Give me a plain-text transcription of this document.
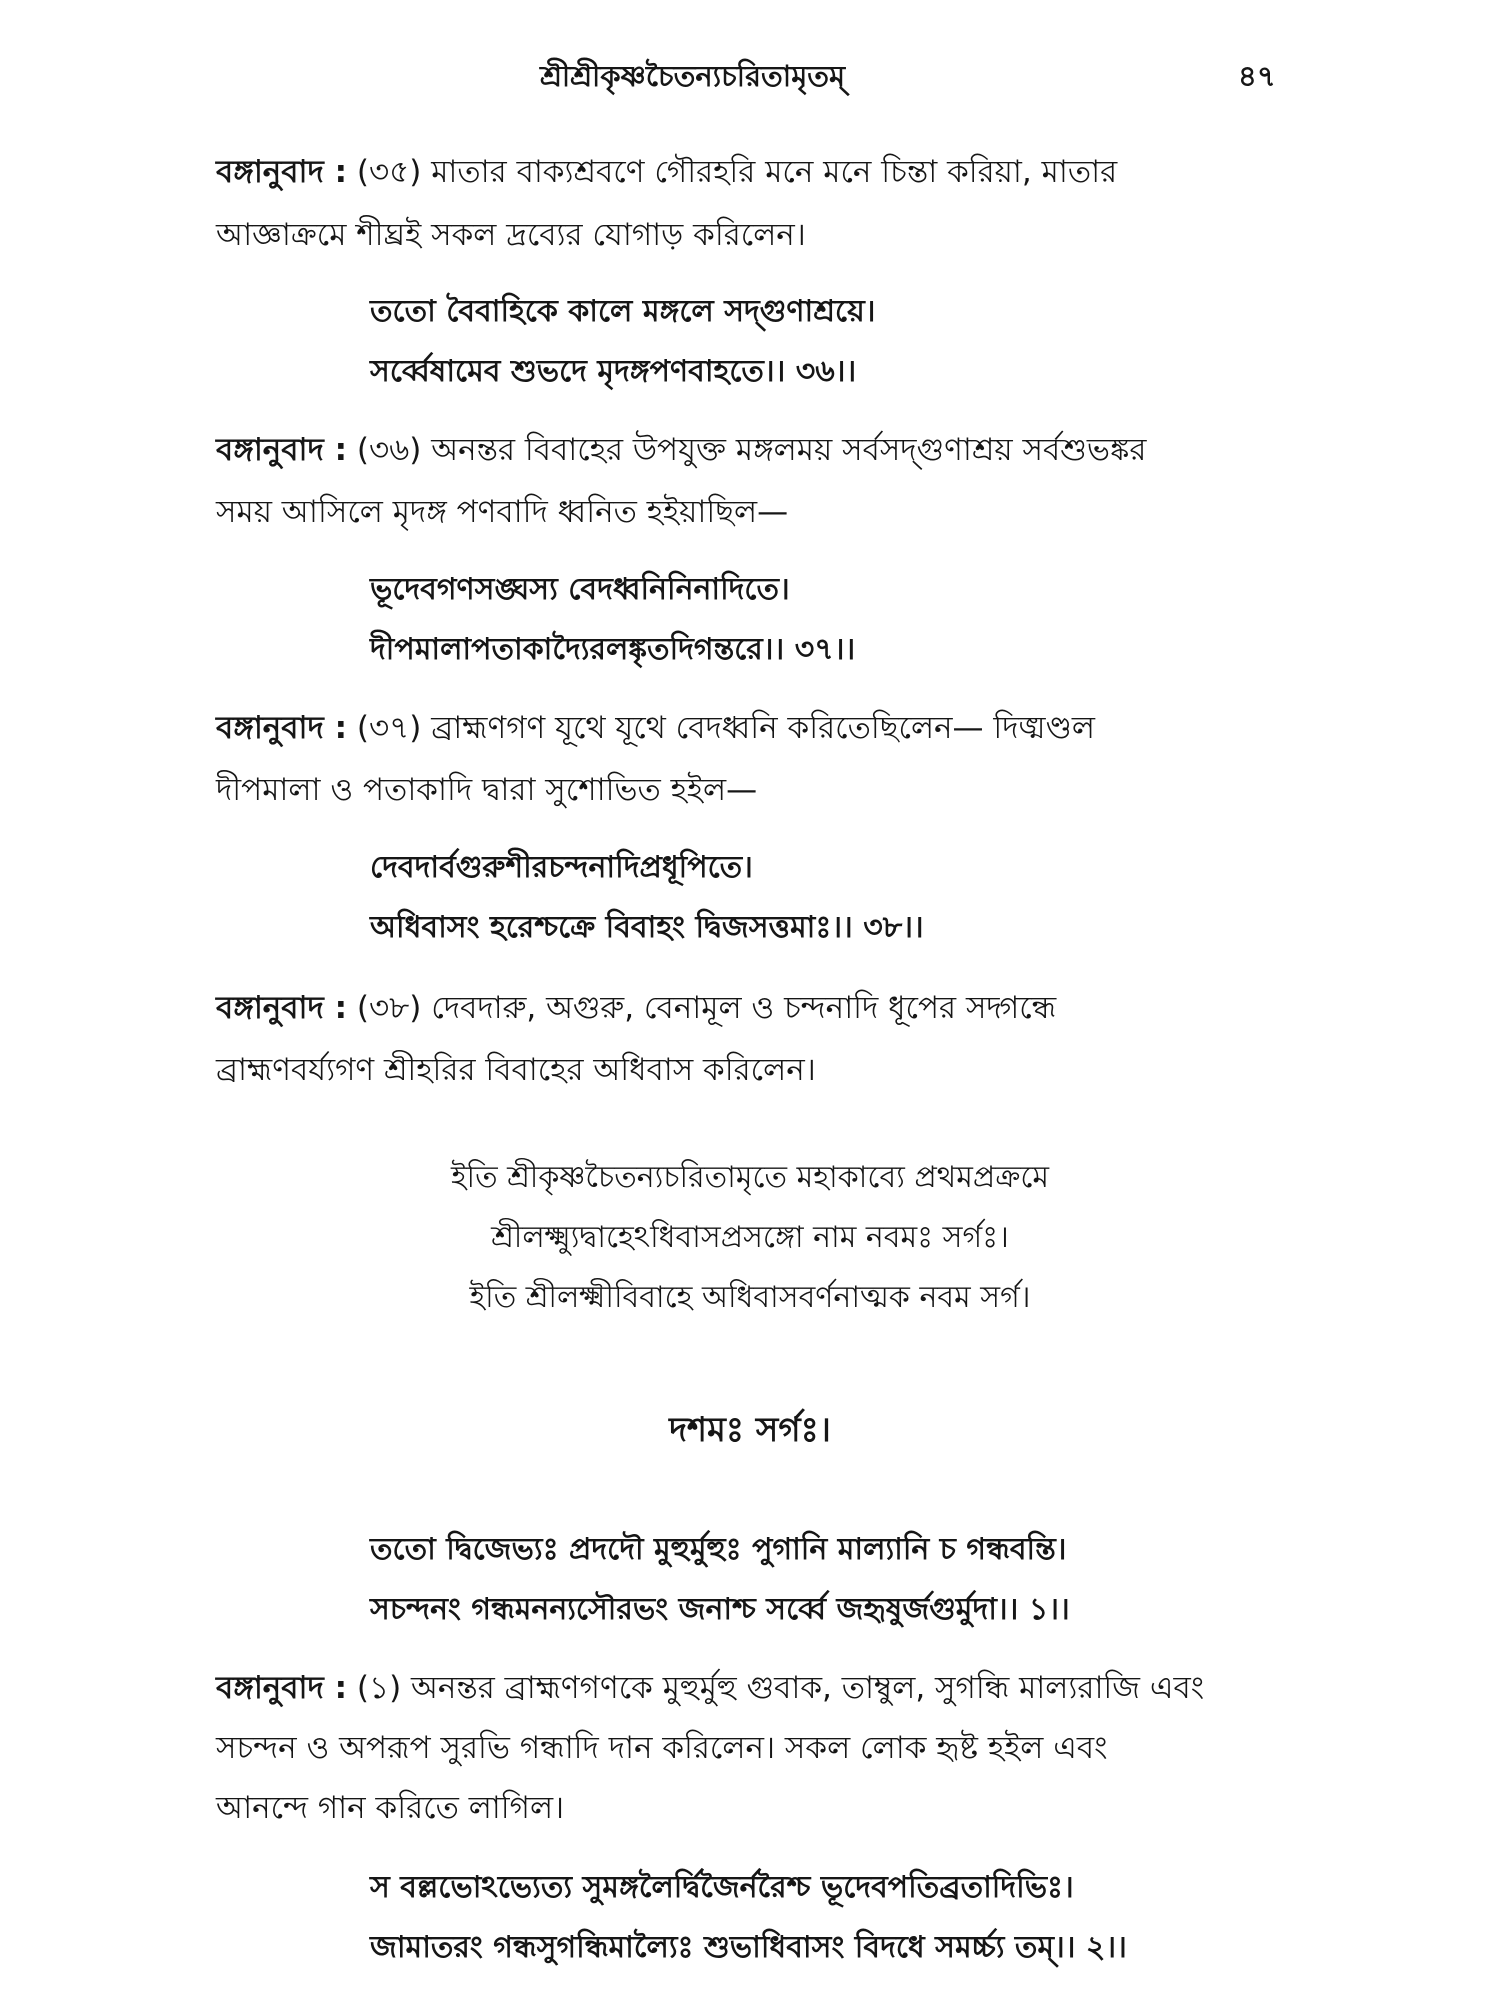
শ্রীশ্রীকৃষ্ণচৈতন্যচরিতামৃতম্	৪৭
বঙ্গানুবাদ : (৩৫) মাতার বাক্যশ্রবণে গৌরহরি মনে মনে চিন্তা করিয়া, মাতার
আজ্ঞাক্রমে শীঘ্রই সকল দ্রব্যের যোগাড় করিলেন।
ততো বৈবাহিকে কালে মঙ্গলে সদ্গুণাশ্রয়ে।
সর্ব্বেষামেব শুভদে মৃদঙ্গপণবাহতে।। ৩৬।।
বঙ্গানুবাদ : (৩৬) অনন্তর বিবাহের উপযুক্ত মঙ্গলময় সর্বসদ্গুণাশ্রয় সর্বশুভঙ্কর
সময় আসিলে মৃদঙ্গ পণবাদি ধ্বনিত হইয়াছিল—
ভূদেবগণসঙ্ঘস্য বেদধ্বনিনিনাদিতে।
দীপমালাপতাকাদ্যৈরলঙ্কৃতদিগন্তরে।। ৩৭।।
বঙ্গানুবাদ : (৩৭) ব্রাহ্মণগণ যূথে যূথে বেদধ্বনি করিতেছিলেন— দিঙ্মণ্ডল
দীপমালা ও পতাকাদি দ্বারা সুশোভিত হইল—
দেবদার্বগুরুশীরচন্দনাদিপ্রধূপিতে।
অধিবাসং হরেশ্চক্রে বিবাহং দ্বিজসত্তমাঃ।। ৩৮।।
বঙ্গানুবাদ : (৩৮) দেবদারু, অগুরু, বেনামূল ও চন্দনাদি ধূপের সদ্গন্ধে
ব্রাহ্মণবর্য্যগণ শ্রীহরির বিবাহের অধিবাস করিলেন।
ইতি শ্রীকৃষ্ণচৈতন্যচরিতামৃতে মহাকাব্যে প্রথমপ্রক্রমে
শ্রীলক্ষ্ম্যুদ্বাহেঽধিবাসপ্রসঙ্গো নাম নবমঃ সর্গঃ।
ইতি শ্রীলক্ষ্মীবিবাহে অধিবাসবর্ণনাত্মক নবম সর্গ।
দশমঃ সর্গঃ।
ততো দ্বিজেভ্যঃ প্রদদৌ মুহুর্মুহুঃ পুগানি মাল্যানি চ গন্ধবন্তি।
সচন্দনং গন্ধমনন্যসৌরভং জনাশ্চ সর্ব্বে জহৃষুর্জগুর্মুদা।। ১।।
বঙ্গানুবাদ : (১) অনন্তর ব্রাহ্মণগণকে মুহুর্মুহু গুবাক, তাম্বুল, সুগন্ধি মাল্যরাজি এবং
সচন্দন ও অপরূপ সুরভি গন্ধাদি দান করিলেন। সকল লোক হৃষ্ট হইল এবং
আনন্দে গান করিতে লাগিল।
স বল্লভোঽভ্যেত্য সুমঙ্গলৈর্দ্বিজৈর্নরৈশ্চ ভূদেবপতিব্রতাদিভিঃ।
জামাতরং গন্ধসুগন্ধিমাল্যৈঃ শুভাধিবাসং বিদধে সমর্চ্চ্য তম্।। ২।।
